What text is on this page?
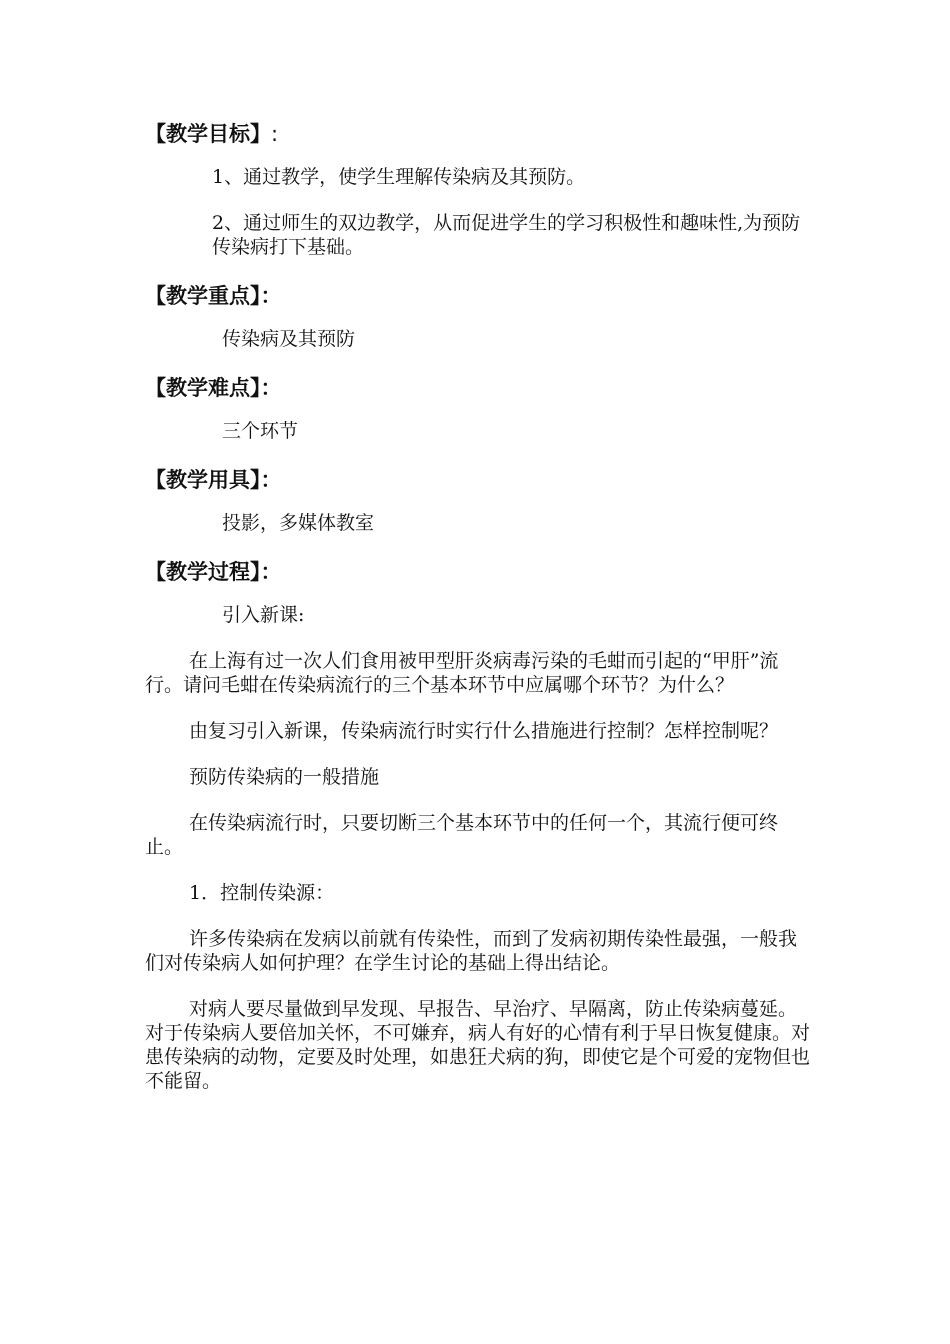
【教学目标】:

1、通过教学，使学生理解传染病及其预防。

2、通过师生的双边教学，从而促进学生的学习积极性和趣味性,为预防传染病打下基础。

【教学重点】：

传染病及其预防

【教学难点】：

三个环节

【教学用具】：

投影，多媒体教室

【教学过程】：

引入新课:

在上海有过一次人们食用被甲型肝炎病毒污染的毛蚶而引起的“甲肝”流行。请问毛蚶在传染病流行的三个基本环节中应属哪个环节？为什么？

由复习引入新课，传染病流行时实行什么措施进行控制？怎样控制呢？

预防传染病的一般措施

在传染病流行时，只要切断三个基本环节中的任何一个，其流行便可终止。

1．控制传染源：

许多传染病在发病以前就有传染性，而到了发病初期传染性最强，一般我们对传染病人如何护理？在学生讨论的基础上得出结论。

对病人要尽量做到早发现、早报告、早治疗、早隔离，防止传染病蔓延。对于传染病人要倍加关怀，不可嫌弃，病人有好的心情有利于早日恢复健康。对患传染病的动物，定要及时处理，如患狂犬病的狗，即使它是个可爱的宠物但也不能留。
